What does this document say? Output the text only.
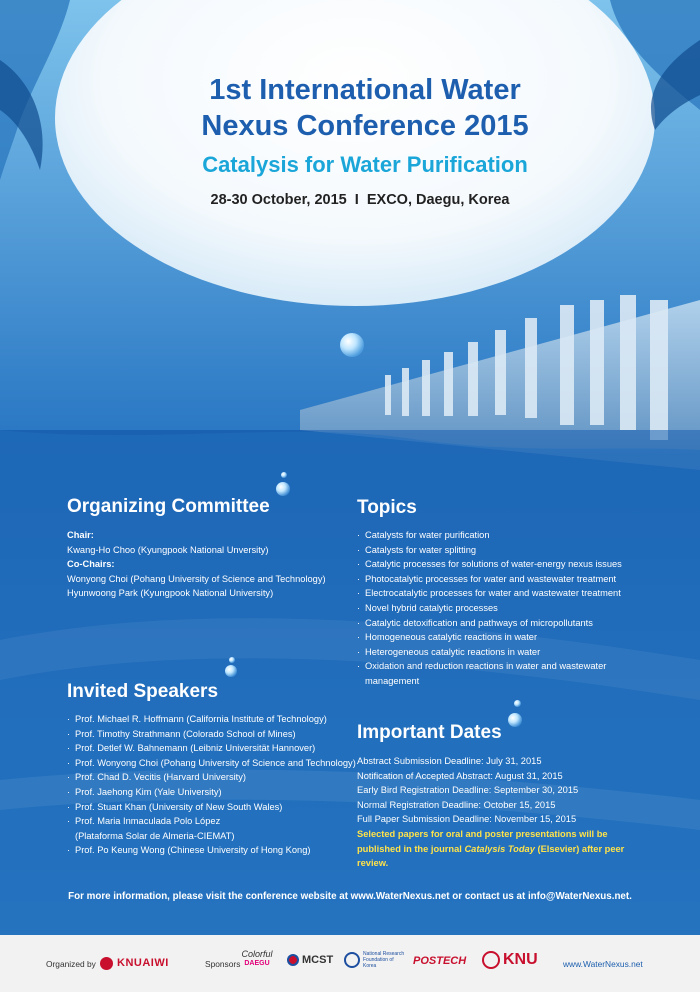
1st International Water
Nexus Conference 2015
Catalysis for Water Purification
28-30 October, 2015  I  EXCO, Daegu, Korea
Organizing Committee
Chair:
Kwang-Ho Choo (Kyungpook National Unversity)
Co-Chairs:
Wonyong Choi (Pohang University of Science and Technology)
Hyunwoong Park (Kyungpook National University)
Invited Speakers
· Prof. Michael R. Hoffmann (California Institute of Technology)
· Prof. Timothy Strathmann (Colorado School of Mines)
· Prof. Detlef W. Bahnemann (Leibniz Universität Hannover)
· Prof. Wonyong Choi (Pohang University of Science and Technology)
· Prof. Chad D. Vecitis (Harvard University)
· Prof. Jaehong Kim (Yale University)
· Prof. Stuart Khan (University of New South Wales)
· Prof. Maria Inmaculada Polo López
(Plataforma Solar de Almeria-CIEMAT)
· Prof. Po Keung Wong (Chinese University of Hong Kong)
Topics
· Catalysts for water purification
· Catalysts for water splitting
· Catalytic processes for solutions of water-energy nexus issues
· Photocatalytic processes for water and wastewater treatment
· Electrocatalytic processes for water and wastewater treatment
· Novel hybrid catalytic processes
· Catalytic detoxification and pathways of micropollutants
· Homogeneous catalytic reactions in water
· Heterogeneous catalytic reactions in water
· Oxidation and reduction reactions in water and wastewater
management
Important Dates
Abstract Submission Deadline: July 31, 2015
Notification of Accepted Abstract: August 31, 2015
Early Bird Registration Deadline: September 30, 2015
Normal Registration Deadline: October 15, 2015
Full Paper Submission Deadline: November 15, 2015
Selected papers for oral and poster presentations will be published in the journal Catalysis Today (Elsevier) after peer review.
For more information, please visit the conference website at www.WaterNexus.net or contact us at info@WaterNexus.net.
Organized by KNUAIWI	Sponsors
Colorful
DAEGU	MCST	National Research Foundation of Korea	POSTECH KNU	www.WaterNexus.net
